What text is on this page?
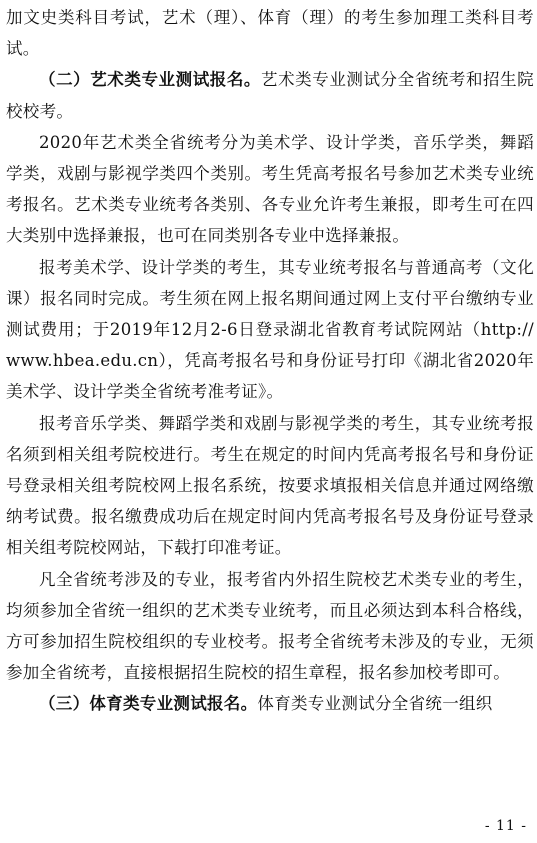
加文史类科目考试，艺术（理）、体育（理）的考生参加理工类科目考试。

（二）艺术类专业测试报名。艺术类专业测试分全省统考和招生院校校考。

2020年艺术类全省统考分为美术学、设计学类，音乐学类，舞蹈学类，戏剧与影视学类四个类别。考生凭高考报名号参加艺术类专业统考报名。艺术类专业统考各类别、各专业允许考生兼报，即考生可在四大类别中选择兼报，也可在同类别各专业中选择兼报。

报考美术学、设计学类的考生，其专业统考报名与普通高考（文化课）报名同时完成。考生须在网上报名期间通过网上支付平台缴纳专业测试费用；于2019年12月2-6日登录湖北省教育考试院网站（http://www.hbea.edu.cn），凭高考报名号和身份证号打印《湖北省2020年美术学、设计学类全省统考准考证》。

报考音乐学类、舞蹈学类和戏剧与影视学类的考生，其专业统考报名须到相关组考院校进行。考生在规定的时间内凭高考报名号和身份证号登录相关组考院校网上报名系统，按要求填报相关信息并通过网络缴纳考试费。报名缴费成功后在规定时间内凭高考报名号及身份证号登录相关组考院校网站，下载打印准考证。

凡全省统考涉及的专业，报考省内外招生院校艺术类专业的考生，均须参加全省统一组织的艺术类专业统考，而且必须达到本科合格线，方可参加招生院校组织的专业校考。报考全省统考未涉及的专业，无须参加全省统考，直接根据招生院校的招生章程，报名参加校考即可。

（三）体育类专业测试报名。体育类专业测试分全省统一组织

- 11 -
